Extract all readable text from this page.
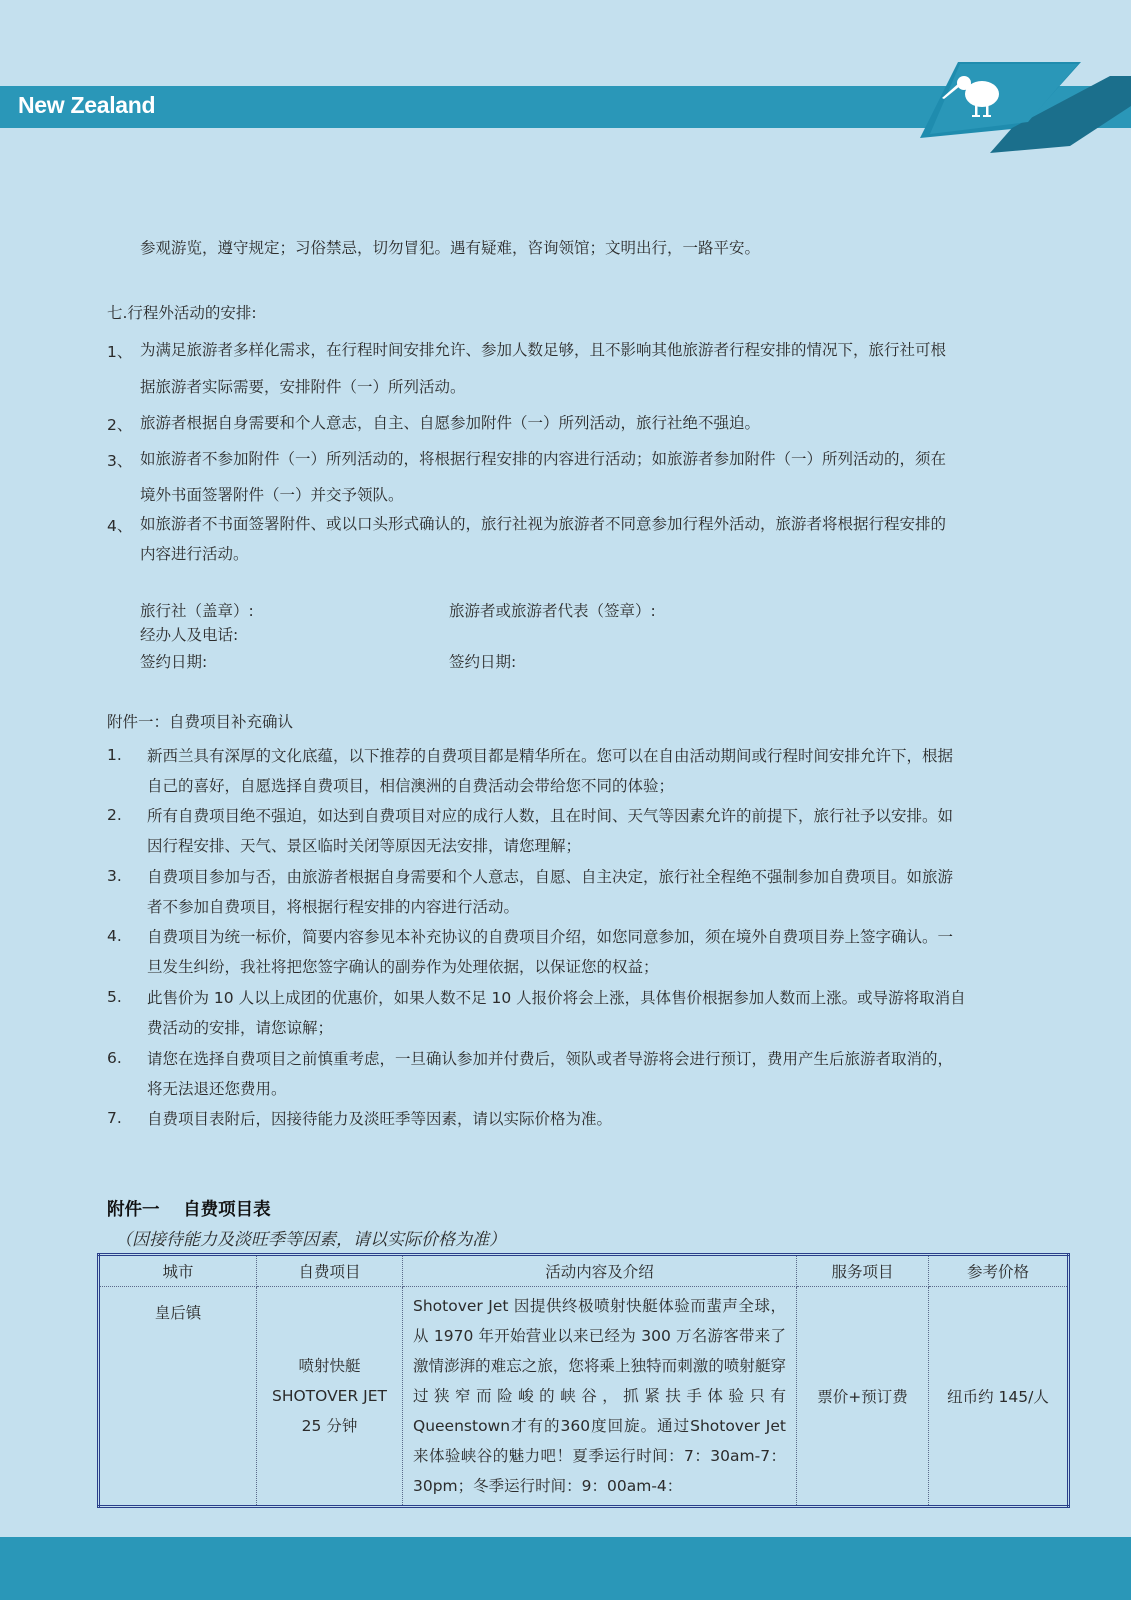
New Zealand
参观游览，遵守规定；习俗禁忌，切勿冒犯。遇有疑难，咨询领馆；文明出行，一路平安。
七.行程外活动的安排:
1、 为满足旅游者多样化需求，在行程时间安排允许、参加人数足够，且不影响其他旅游者行程安排的情况下，旅行社可根
据旅游者实际需要，安排附件（一）所列活动。
2、 旅游者根据自身需要和个人意志，自主、自愿参加附件（一）所列活动，旅行社绝不强迫。
3、 如旅游者不参加附件（一）所列活动的，将根据行程安排的内容进行活动；如旅游者参加附件（一）所列活动的，须在
境外书面签署附件（一）并交予领队。
4、 如旅游者不书面签署附件、或以口头形式确认的，旅行社视为旅游者不同意参加行程外活动，旅游者将根据行程安排的
内容进行活动。
旅行社（盖章）:	旅游者或旅游者代表（签章）:
经办人及电话:
签约日期:	签约日期:
附件一：自费项目补充确认
1. 新西兰具有深厚的文化底蕴，以下推荐的自费项目都是精华所在。您可以在自由活动期间或行程时间安排允许下，根据
自己的喜好，自愿选择自费项目，相信澳洲的自费活动会带给您不同的体验；
2. 所有自费项目绝不强迫，如达到自费项目对应的成行人数，且在时间、天气等因素允许的前提下，旅行社予以安排。如
因行程安排、天气、景区临时关闭等原因无法安排，请您理解；
3. 自费项目参加与否，由旅游者根据自身需要和个人意志，自愿、自主决定，旅行社全程绝不强制参加自费项目。如旅游
者不参加自费项目，将根据行程安排的内容进行活动。
4. 自费项目为统一标价，简要内容参见本补充协议的自费项目介绍，如您同意参加，须在境外自费项目券上签字确认。一
旦发生纠纷，我社将把您签字确认的副券作为处理依据，以保证您的权益；
5. 此售价为 10 人以上成团的优惠价，如果人数不足 10 人报价将会上涨，具体售价根据参加人数而上涨。或导游将取消自
费活动的安排，请您谅解；
6. 请您在选择自费项目之前慎重考虑，一旦确认参加并付费后，领队或者导游将会进行预订，费用产生后旅游者取消的，
将无法退还您费用。
7. 自费项目表附后，因接待能力及淡旺季等因素，请以实际价格为准。
附件一　 自费项目表
（因接待能力及淡旺季等因素，请以实际价格为准）
城市	自费项目	活动内容及介绍	服务项目	参考价格
皇后镇	喷射快艇
SHOTOVER JET
25 分钟	Shotover Jet 因提供终极喷射快艇体验而蜚声全球，从 1970 年开始营业以来已经为 300 万名游客带来了激情澎湃的难忘之旅，您将乘上独特而刺激的喷射艇穿过狭窄而险峻的峡谷，抓紧扶手体验只有Queenstown才有的360度回旋。通过Shotover Jet 来体验峡谷的魅力吧！夏季运行时间：7：30am-7：30pm；冬季运行时间：9：00am-4：	票价+预订费	纽币约 145/人
